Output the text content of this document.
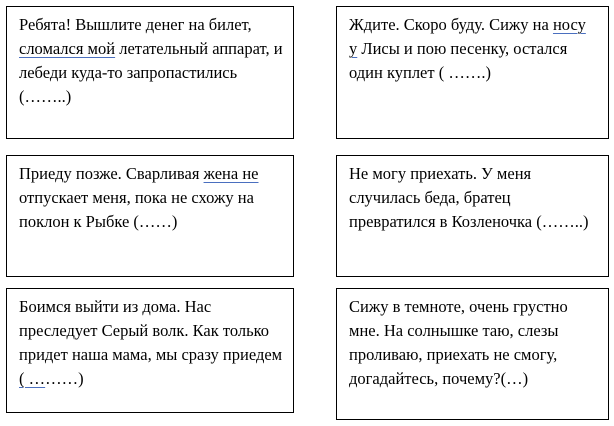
Ребята! Вышлите денег на билет, сломался мой летательный аппарат, и лебеди куда-то запропастились (……..)

Ждите. Скоро буду. Сижу на носу у Лисы и пою песенку, остался один куплет ( …….)

Приеду позже. Сварливая жена не отпускает меня, пока не схожу на поклон к Рыбке (……)

Не могу приехать. У меня случилась беда, братец превратился в Козленочка (……..)

Боимся выйти из дома. Нас преследует Серый волк. Как только придет наша мама, мы сразу приедем ( ………)

Сижу в темноте, очень грустно мне. На солнышке таю, слезы проливаю, приехать не смогу, догадайтесь, почему?(…)
